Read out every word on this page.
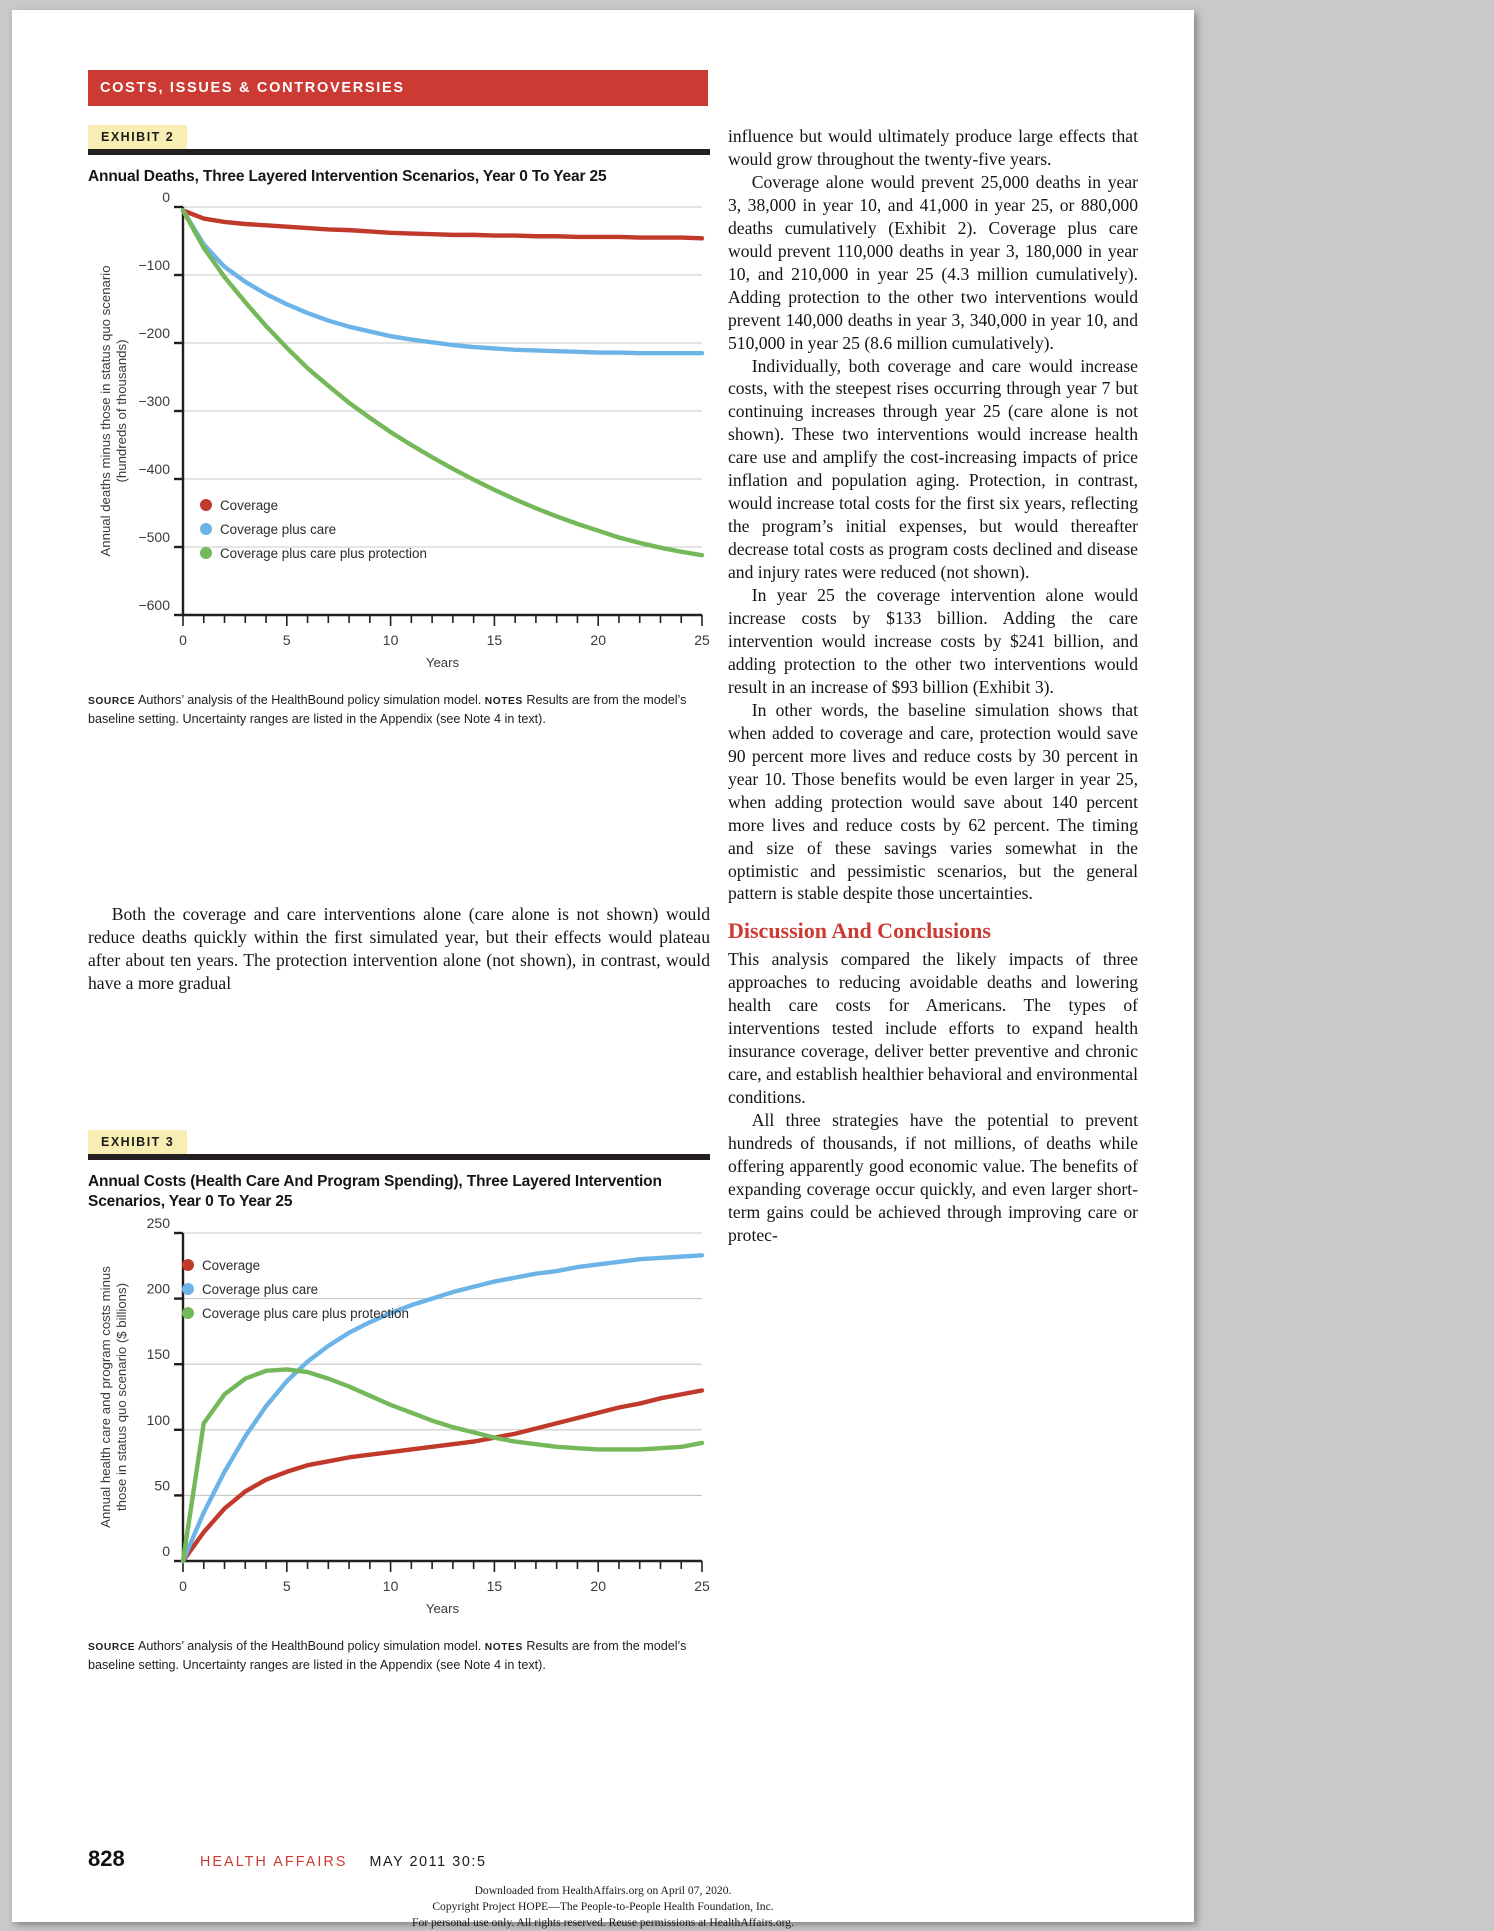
COSTS, ISSUES & CONTROVERSIES
EXHIBIT 2
Annual Deaths, Three Layered Intervention Scenarios, Year 0 To Year 25
0
−100
−200
−300
−400
−500
−600
0	5	10	15	20	25
Years
Annual deaths minus those in status quo scenario (hundreds of thousands)
Coverage
Coverage plus care
Coverage plus care plus protection
SOURCE Authors’ analysis of the HealthBound policy simulation model. NOTES Results are from the model’s baseline setting. Uncertainty ranges are listed in the Appendix (see Note 4 in text).

Both the coverage and care interventions alone (care alone is not shown) would reduce deaths quickly within the first simulated year, but their effects would plateau after about ten years. The protection intervention alone (not shown), in contrast, would have a more gradual

EXHIBIT 3
Annual Costs (Health Care And Program Spending), Three Layered Intervention Scenarios, Year 0 To Year 25
0
50
100
150
200
250
0	5	10	15	20	25
Years
Annual health care and program costs minus those in status quo scenario ($ billions)
Coverage
Coverage plus care
Coverage plus care plus protection
SOURCE Authors’ analysis of the HealthBound policy simulation model. NOTES Results are from the model’s baseline setting. Uncertainty ranges are listed in the Appendix (see Note 4 in text).

influence but would ultimately produce large effects that would grow throughout the twenty-five years.

Coverage alone would prevent 25,000 deaths in year 3, 38,000 in year 10, and 41,000 in year 25, or 880,000 deaths cumulatively (Exhibit 2). Coverage plus care would prevent 110,000 deaths in year 3, 180,000 in year 10, and 210,000 in year 25 (4.3 million cumulatively). Adding protection to the other two interventions would prevent 140,000 deaths in year 3, 340,000 in year 10, and 510,000 in year 25 (8.6 million cumulatively).

Individually, both coverage and care would increase costs, with the steepest rises occurring through year 7 but continuing increases through year 25 (care alone is not shown). These two interventions would increase health care use and amplify the cost-increasing impacts of price inflation and population aging. Protection, in contrast, would increase total costs for the first six years, reflecting the program’s initial expenses, but would thereafter decrease total costs as program costs declined and disease and injury rates were reduced (not shown).

In year 25 the coverage intervention alone would increase costs by $133 billion. Adding the care intervention would increase costs by $241 billion, and adding protection to the other two interventions would result in an increase of $93 billion (Exhibit 3).

In other words, the baseline simulation shows that when added to coverage and care, protection would save 90 percent more lives and reduce costs by 30 percent in year 10. Those benefits would be even larger in year 25, when adding protection would save about 140 percent more lives and reduce costs by 62 percent. The timing and size of these savings varies somewhat in the optimistic and pessimistic scenarios, but the general pattern is stable despite those uncertainties.

Discussion And Conclusions

This analysis compared the likely impacts of three approaches to reducing avoidable deaths and lowering health care costs for Americans. The types of interventions tested include efforts to expand health insurance coverage, deliver better preventive and chronic care, and establish healthier behavioral and environmental conditions.

All three strategies have the potential to prevent hundreds of thousands, if not millions, of deaths while offering apparently good economic value. The benefits of expanding coverage occur quickly, and even larger short-term gains could be achieved through improving care or protec-

828	HEALTH AFFAIRS MAY 2011 30:5
Downloaded from HealthAffairs.org on April 07, 2020.
Copyright Project HOPE—The People-to-People Health Foundation, Inc.
For personal use only. All rights reserved. Reuse permissions at HealthAffairs.org.
